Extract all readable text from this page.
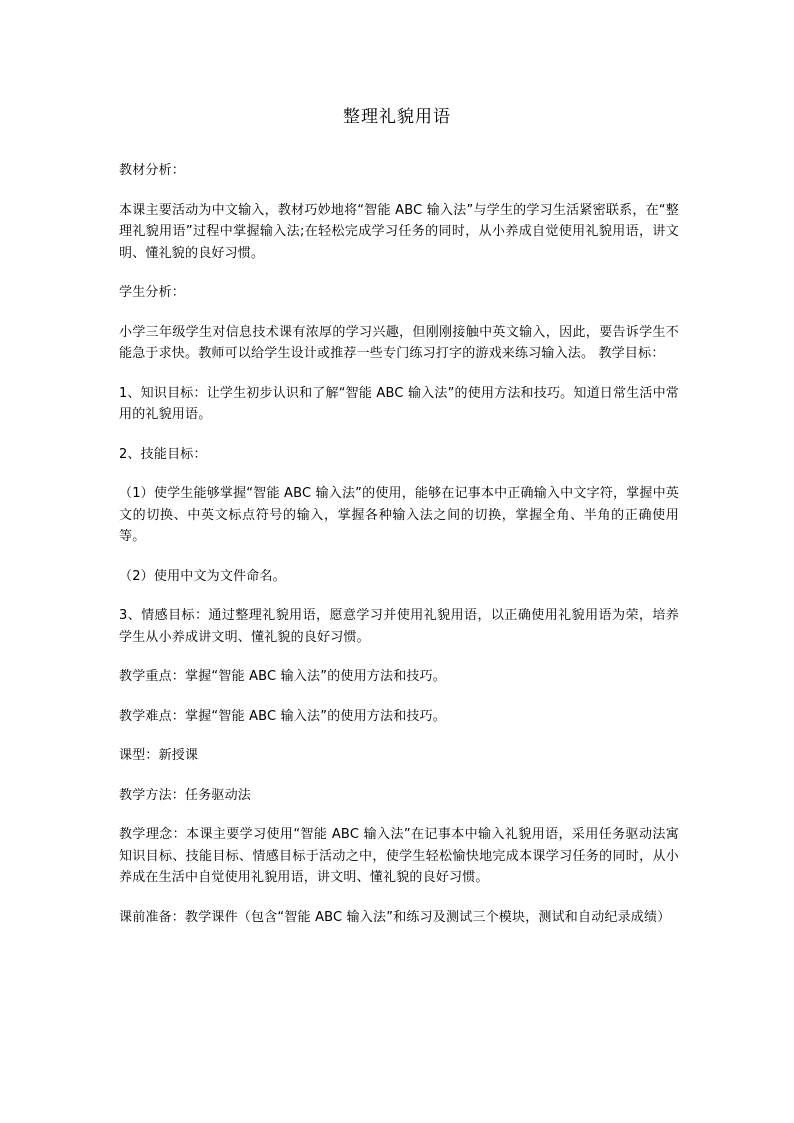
整理礼貌用语

教材分析：

本课主要活动为中文输入，教材巧妙地将“智能 ABC 输入法”与学生的学习生活紧密联系，在“整理礼貌用语”过程中掌握输入法;在轻松完成学习任务的同时，从小养成自觉使用礼貌用语，讲文明、懂礼貌的良好习惯。

学生分析：

小学三年级学生对信息技术课有浓厚的学习兴趣，但刚刚接触中英文输入，因此，要告诉学生不能急于求快。教师可以给学生设计或推荐一些专门练习打字的游戏来练习输入法。 教学目标：

1、知识目标：让学生初步认识和了解“智能 ABC 输入法”的使用方法和技巧。知道日常生活中常用的礼貌用语。

2、技能目标：

（1）使学生能够掌握“智能 ABC 输入法”的使用，能够在记事本中正确输入中文字符，掌握中英文的切换、中英文标点符号的输入，掌握各种输入法之间的切换，掌握全角、半角的正确使用等。

（2）使用中文为文件命名。

3、情感目标：通过整理礼貌用语，愿意学习并使用礼貌用语，以正确使用礼貌用语为荣，培养学生从小养成讲文明、懂礼貌的良好习惯。

教学重点：掌握“智能 ABC 输入法”的使用方法和技巧。

教学难点：掌握“智能 ABC 输入法”的使用方法和技巧。

课型：新授课

教学方法：任务驱动法

教学理念：本课主要学习使用“智能 ABC 输入法”在记事本中输入礼貌用语，采用任务驱动法寓知识目标、技能目标、情感目标于活动之中，使学生轻松愉快地完成本课学习任务的同时，从小养成在生活中自觉使用礼貌用语，讲文明、懂礼貌的良好习惯。

课前准备：教学课件（包含“智能 ABC 输入法”和练习及测试三个模块，测试和自动纪录成绩）
